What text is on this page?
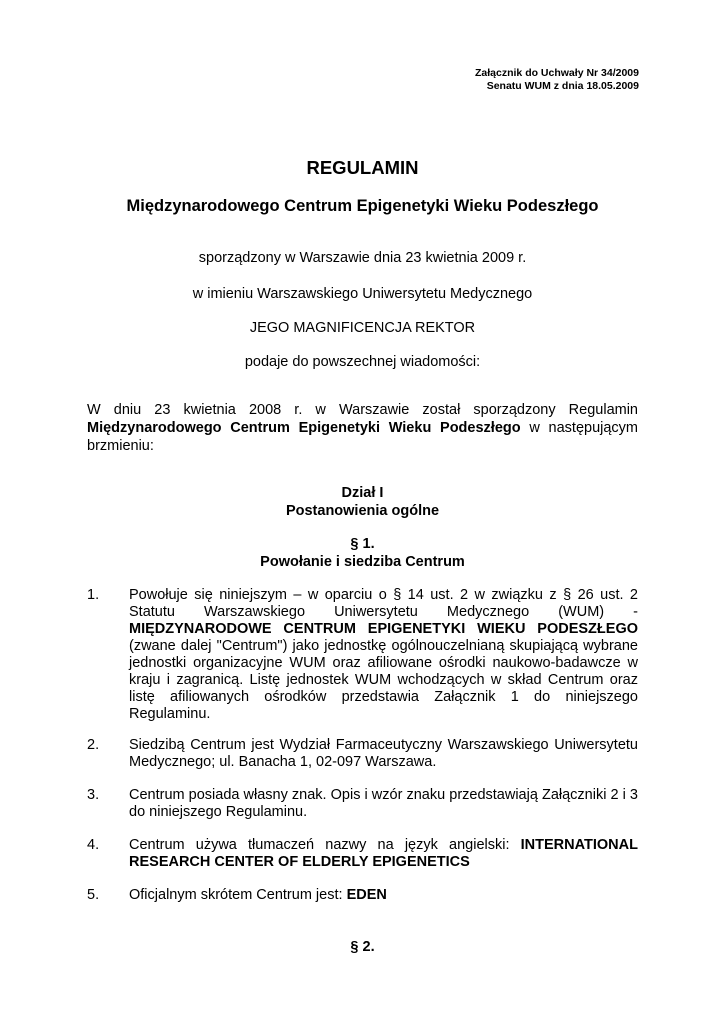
Załącznik do Uchwały Nr 34/2009
Senatu WUM z dnia 18.05.2009
REGULAMIN
Międzynarodowego Centrum Epigenetyki Wieku Podeszłego
sporządzony w Warszawie dnia 23 kwietnia 2009 r.
w imieniu Warszawskiego Uniwersytetu Medycznego
JEGO MAGNIFICENCJA REKTOR
podaje do powszechnej wiadomości:
W dniu 23 kwietnia 2008 r. w Warszawie został sporządzony Regulamin Międzynarodowego Centrum Epigenetyki Wieku Podeszłego w następującym brzmieniu:
Dział I
Postanowienia ogólne
§ 1.
Powołanie i siedziba Centrum
1. Powołuje się niniejszym – w oparciu o § 14 ust. 2 w związku z § 26 ust. 2 Statutu Warszawskiego Uniwersytetu Medycznego (WUM) - MIĘDZYNARODOWE CENTRUM EPIGENETYKI WIEKU PODESZŁEGO (zwane dalej "Centrum") jako jednostkę ogólnouczelnianą skupiającą wybrane jednostki organizacyjne WUM oraz afiliowane ośrodki naukowo-badawcze w kraju i zagranicą. Listę jednostek WUM wchodzących w skład Centrum oraz listę afiliowanych ośrodków przedstawia Załącznik 1 do niniejszego Regulaminu.
2. Siedzibą Centrum jest Wydział Farmaceutyczny Warszawskiego Uniwersytetu Medycznego; ul. Banacha 1, 02-097 Warszawa.
3. Centrum posiada własny znak. Opis i wzór znaku przedstawiają Załączniki 2 i 3 do niniejszego Regulaminu.
4. Centrum używa tłumaczeń nazwy na język angielski: INTERNATIONAL RESEARCH CENTER OF ELDERLY EPIGENETICS
5. Oficjalnym skrótem Centrum jest: EDEN
§ 2.
